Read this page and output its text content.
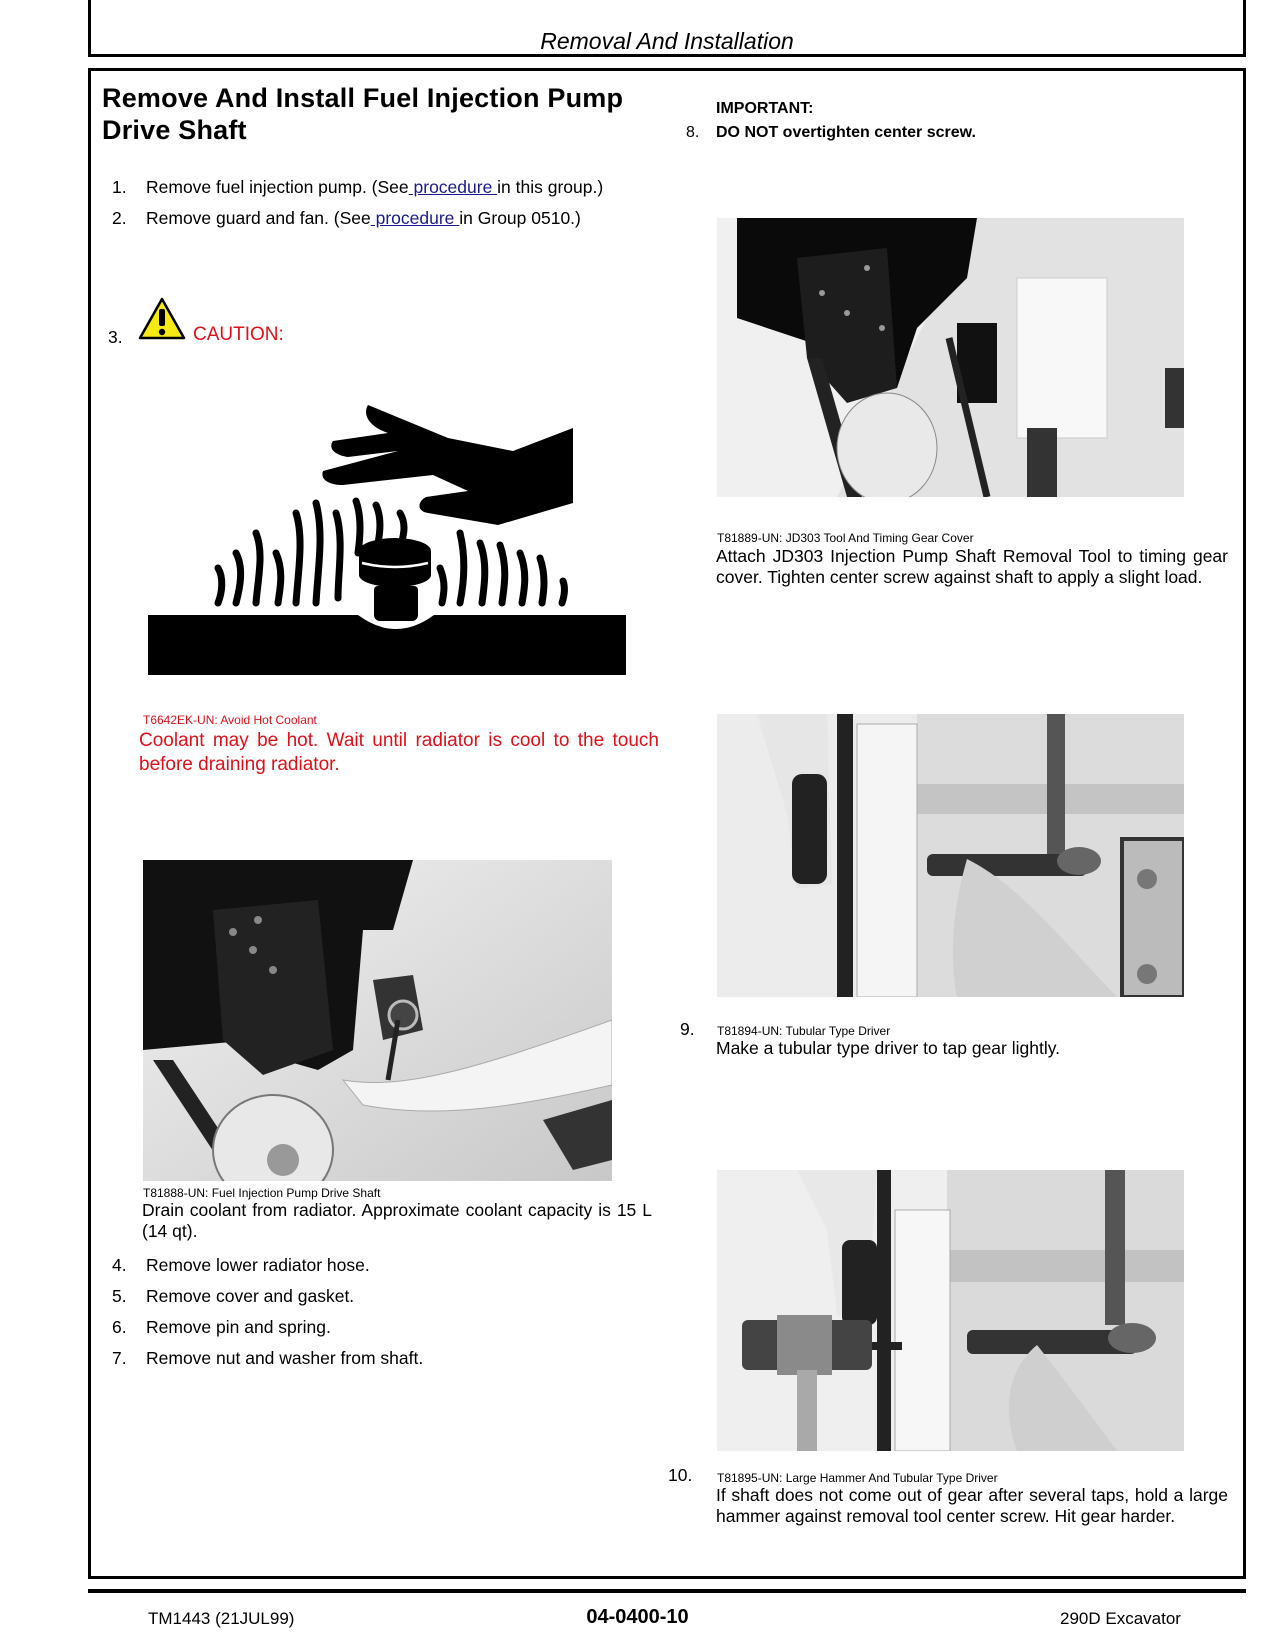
Removal And Installation
Remove And Install Fuel Injection Pump Drive Shaft
1. Remove fuel injection pump. (See procedure in this group.)
2. Remove guard and fan. (See procedure in Group 0510.)
3.	CAUTION:
T6642EK-UN: Avoid Hot Coolant
Coolant may be hot. Wait until radiator is cool to the touch before draining radiator.
T81888-UN: Fuel Injection Pump Drive Shaft
Drain coolant from radiator. Approximate coolant capacity is 15 L (14 qt).
4. Remove lower radiator hose.
5. Remove cover and gasket.
6. Remove pin and spring.
7. Remove nut and washer from shaft.
IMPORTANT:
8. DO NOT overtighten center screw.
T81889-UN: JD303 Tool And Timing Gear Cover
Attach JD303 Injection Pump Shaft Removal Tool to timing gear cover. Tighten center screw against shaft to apply a slight load.
9. T81894-UN: Tubular Type Driver
Make a tubular type driver to tap gear lightly.
10. T81895-UN: Large Hammer And Tubular Type Driver
If shaft does not come out of gear after several taps, hold a large hammer against removal tool center screw. Hit gear harder.
TM1443 (21JUL99)	04-0400-10	290D Excavator
